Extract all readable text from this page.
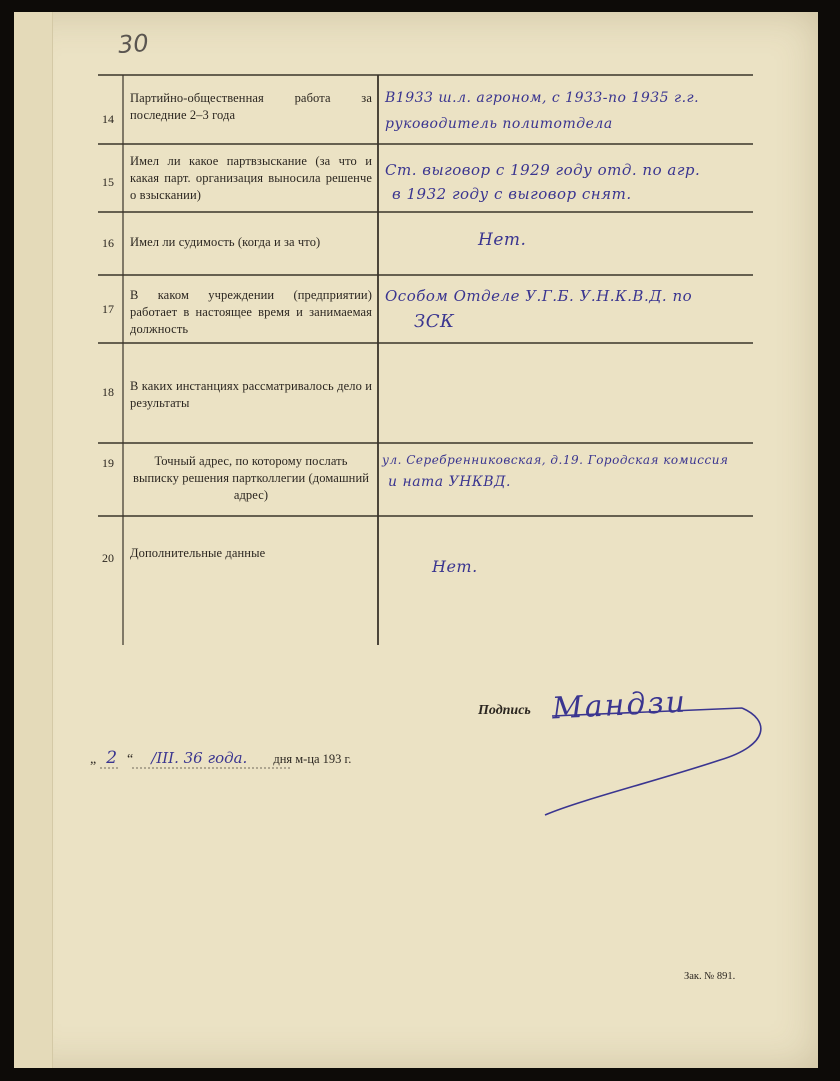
30
14
15
16
17
18
19
20
Партийно-общественная работа за последние 2–3 года
Имел ли какое партвзыскание (за что и какая парт. организация выносила решенче о взыскании)
Имел ли судимость (когда и за что)
В каком учреждении (предприятии) работает в настоящее время и занимаемая должность
В каких инстанциях рассматривалось дело и результаты
Точный адрес, по которому послать выписку решения партколлегии (домашний адрес)
Дополнительные данные
В1933 ш.л. агроном, с 1933-по 1935 г.г.
руководитель политотдела
Ст. выговор с 1929 году отд. по агр.
в 1932 году с выговор снят.
Нет.
Особом Отделе У.Г.Б. У.Н.К.В.Д. по
ЗСК
ул. Серебренниковская, д.19. Городская комиссия
и ната УНКВД.
Нет.
Подпись Мандзи
„ 2 “ /III. 36 года. дня м-ца 193 г.
Зак. № 891.
